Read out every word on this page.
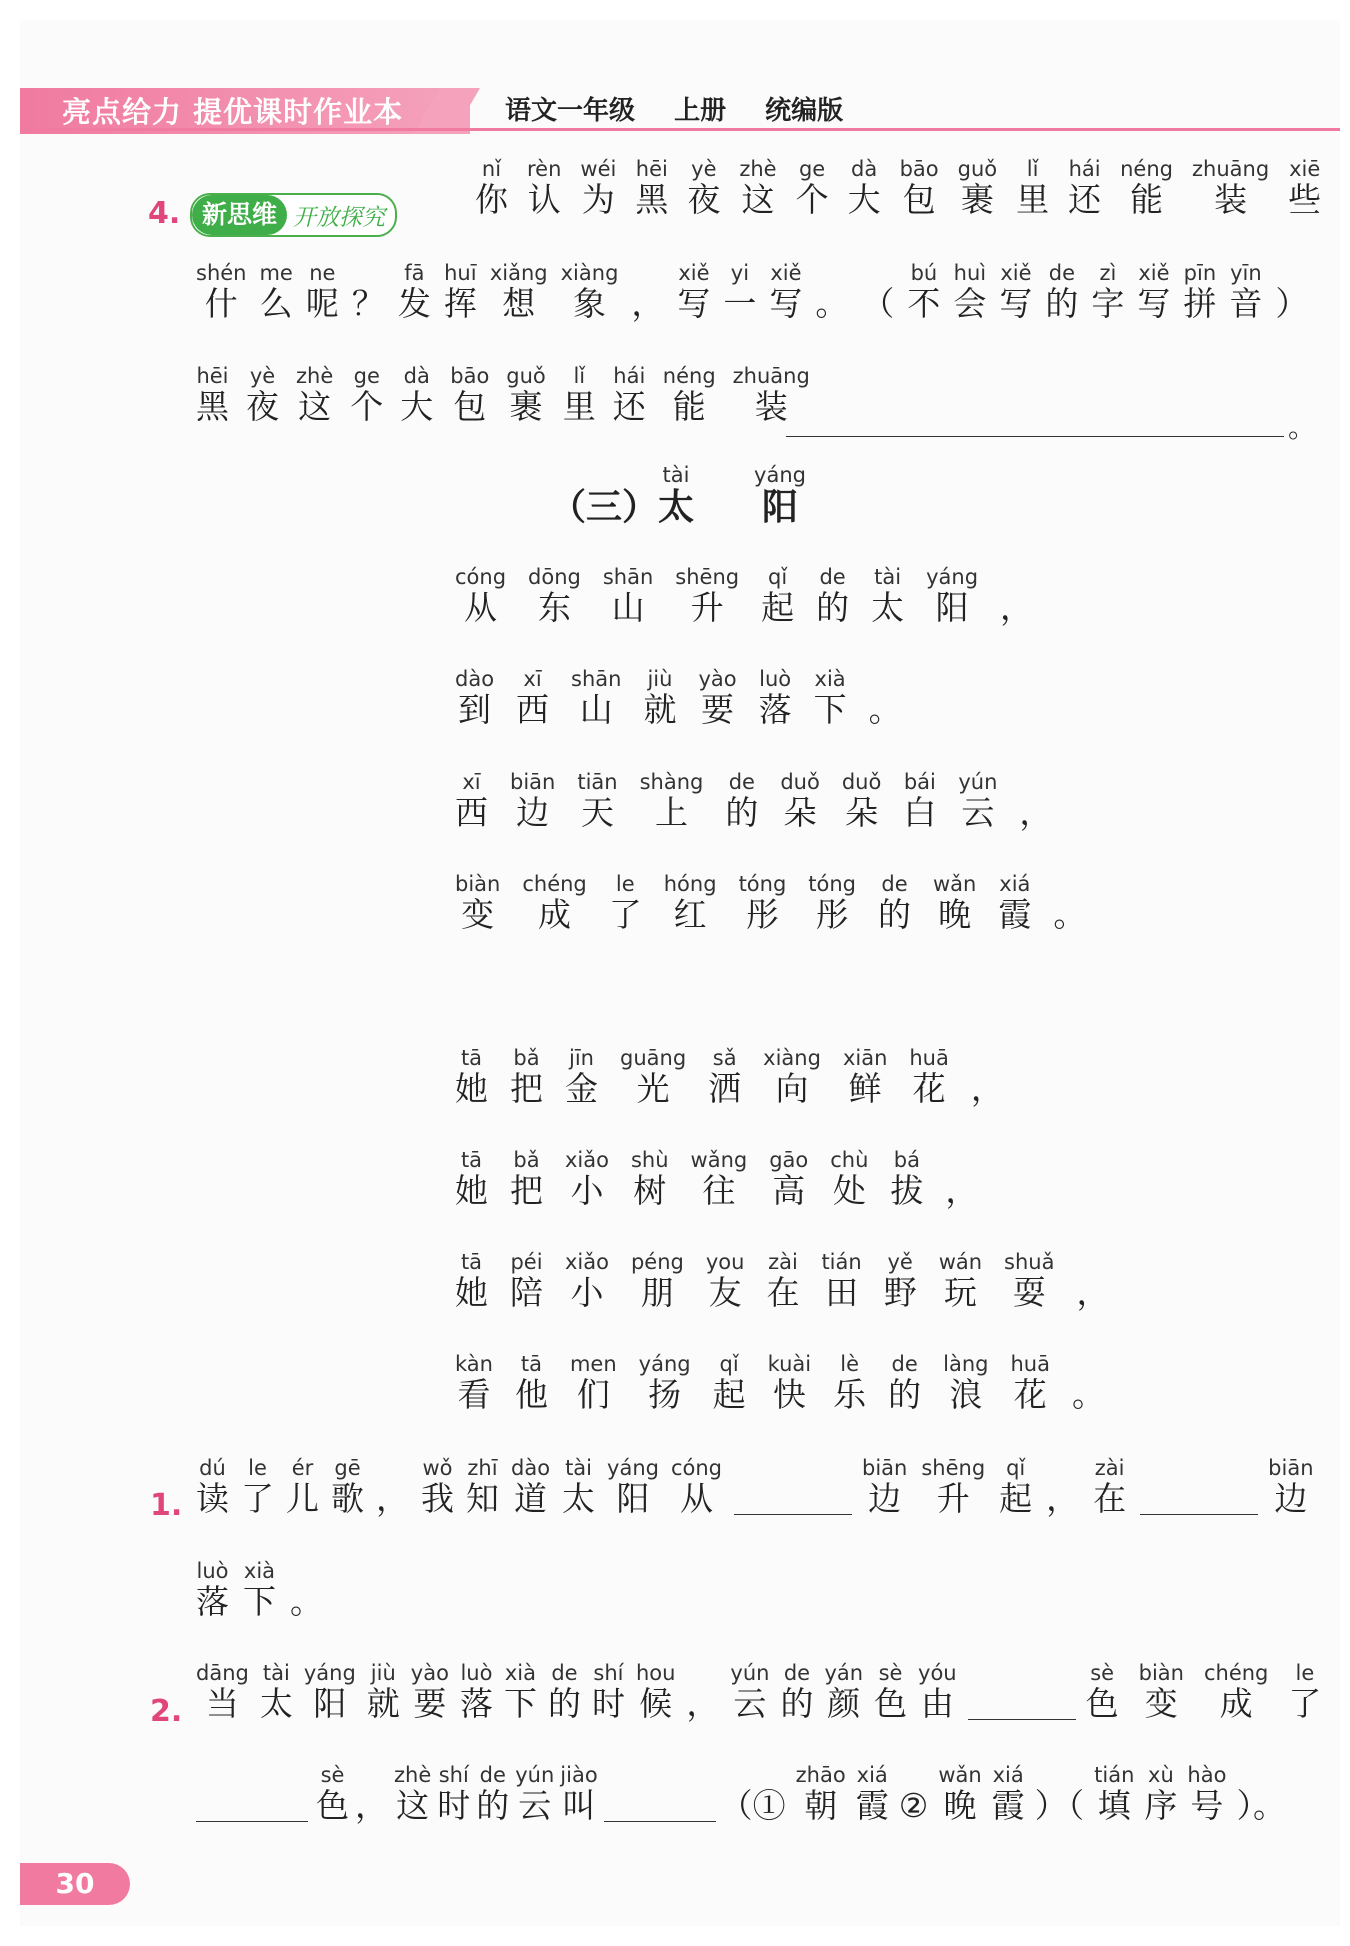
亮点给力 提优课时作业本	语文一年级 上册 统编版
4. 新思维 开放探究	你nǐ认rèn为wéi黑hēi夜yè这zhè个ge大dà包bāo裹guǒ里lǐ还hái能néng装zhuāng些xiē
什shén么me呢ne？ 发fā挥huī想xiǎng象xiàng， 写xiě一yi写xiě。 （ 不bú会huì写xiě的de字zì写xiě拼pīn音yīn）
黑hēi夜yè这zhè个ge大dà包bāo裹guǒ里lǐ还hái能néng装zhuāng
。
（三）太tài阳yáng
从cóng东dōng山shān升shēng起qǐ的de太tài阳yáng，
到dào西xī山shān就jiù要yào落luò下xià。
西xī边biān天tiān上shàng的de朵duǒ朵duǒ白bái云yún，
变biàn成chéng了le红hóng彤tóng彤tóng的de晚wǎn霞xiá。
她tā把bǎ金jīn光guāng洒sǎ向xiàng鲜xiān花huā，
她tā把bǎ小xiǎo树shù往wǎng高gāo处chù拔bá，
她tā陪péi小xiǎo朋péng友you在zài田tián野yě玩wán耍shuǎ，
看kàn他tā们men扬yáng起qǐ快kuài乐lè的de浪làng花huā。
1. 读dú了le儿ér歌gē， 我wǒ知zhī道dào太tài阳yáng从cóng边biān升shēng起qǐ， 在zài边biān
落luò下xià。
2. 当dāng太tài阳yáng就jiù要yào落luò下xià的de时shí候hou， 云yún的de颜yán色sè由yóu色sè变biàn成chéng了le
色sè， 这zhè时shí的de云yún叫jiào（① 朝zhāo霞xiá② 晚wǎn霞xiá）（ 填tián序xù号hào）。
30
